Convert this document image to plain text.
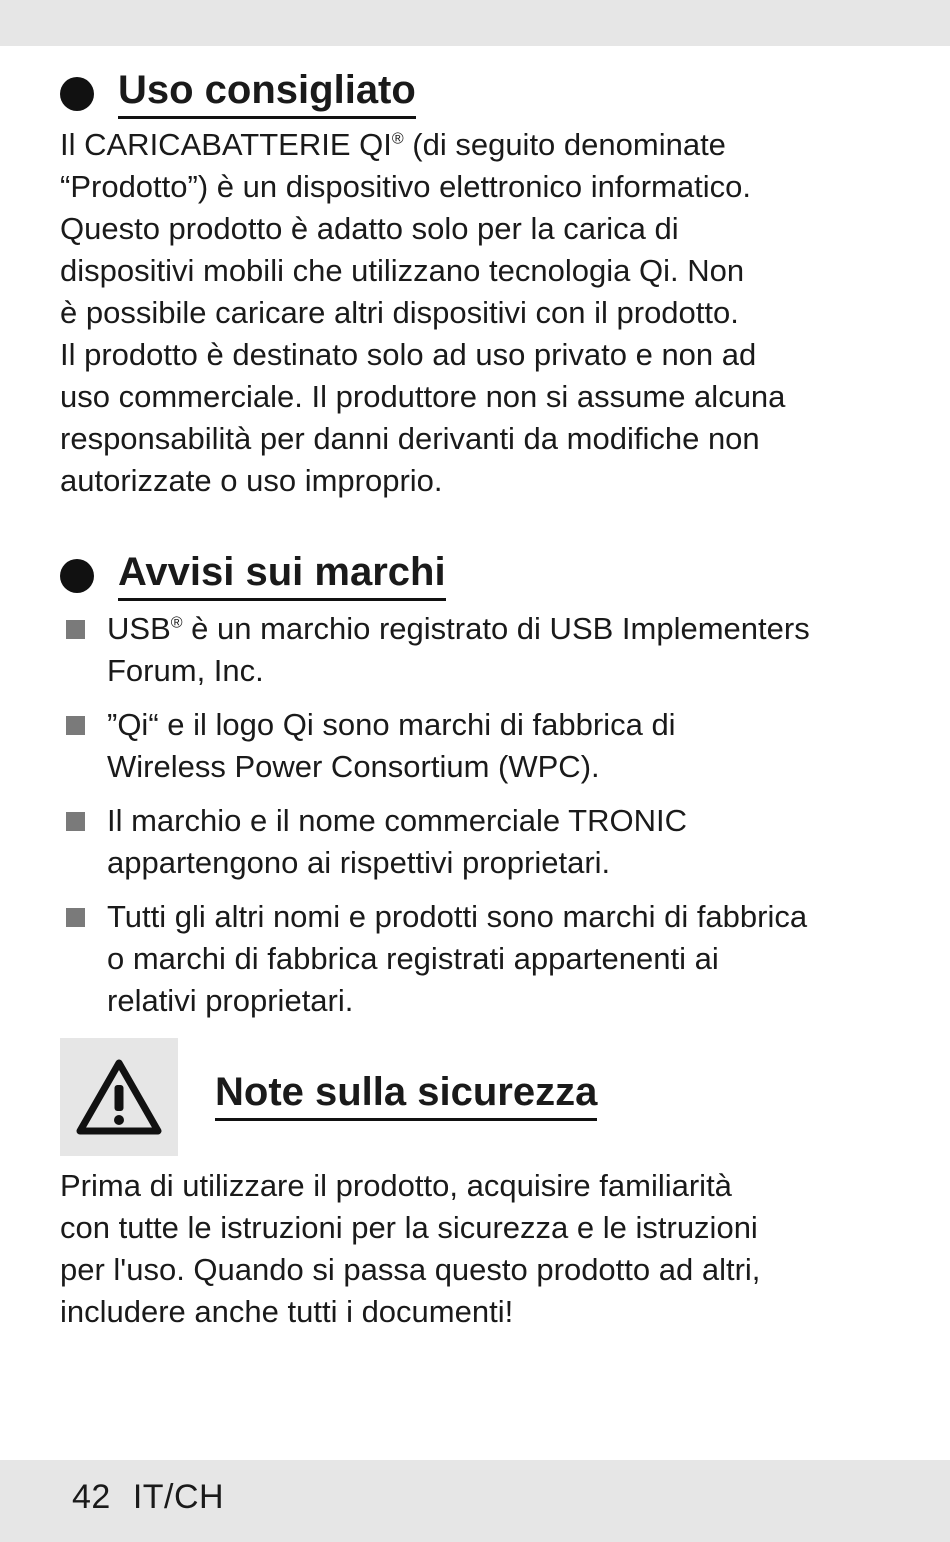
Uso consigliato
Il CARICABATTERIE QI® (di seguito denominate
“Prodotto”) è un dispositivo elettronico informatico.
Questo prodotto è adatto solo per la carica di
dispositivi mobili che utilizzano tecnologia Qi. Non
è possibile caricare altri dispositivi con il prodotto.
Il prodotto è destinato solo ad uso privato e non ad
uso commerciale. Il produttore non si assume alcuna
responsabilità per danni derivanti da modifiche non
autorizzate o uso improprio.
Avvisi sui marchi
USB® è un marchio registrato di USB Implementers
Forum, Inc.
”Qi“ e il logo Qi sono marchi di fabbrica di
Wireless Power Consortium (WPC).
Il marchio e il nome commerciale TRONIC
appartengono ai rispettivi proprietari.
Tutti gli altri nomi e prodotti sono marchi di fabbrica
o marchi di fabbrica registrati appartenenti ai
relativi proprietari.
Note sulla sicurezza
Prima di utilizzare il prodotto, acquisire familiarità
con tutte le istruzioni per la sicurezza e le istruzioni
per l'uso. Quando si passa questo prodotto ad altri,
includere anche tutti i documenti!
42 IT/CH
